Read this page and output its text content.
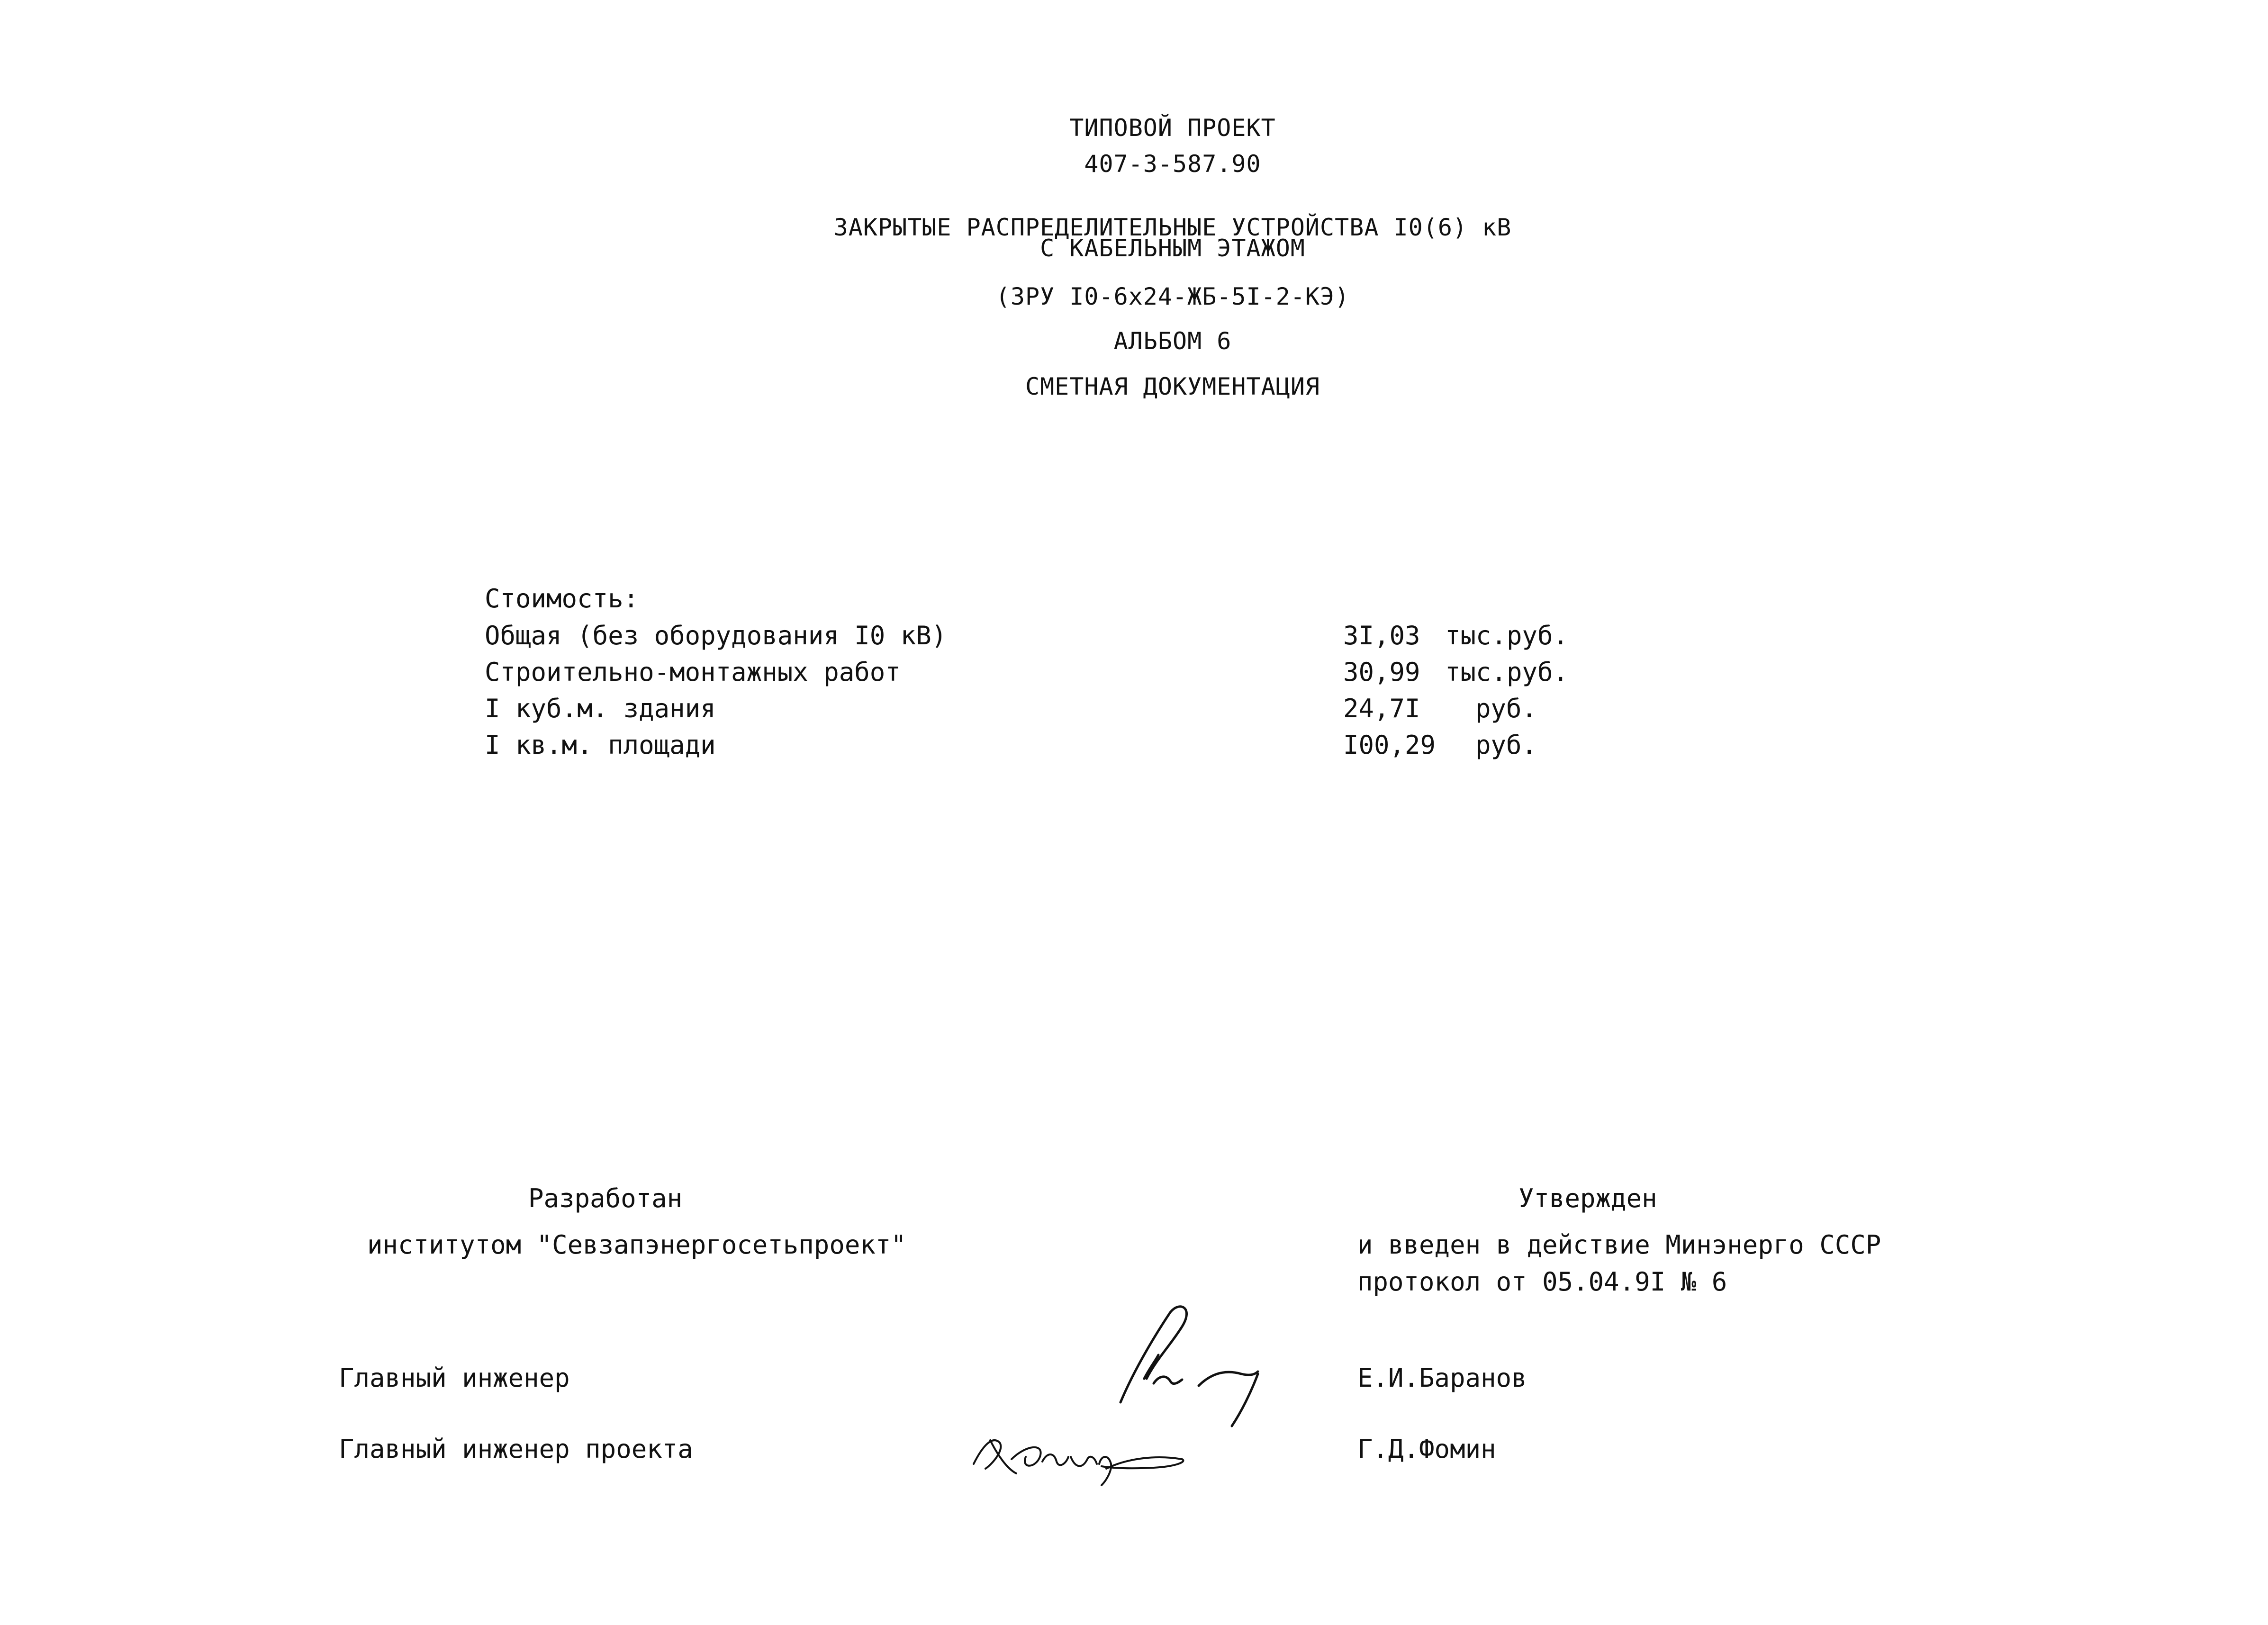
ТИПОВОЙ ПРОЕКТ
407-3-587.90
ЗАКРЫТЫЕ РАСПРЕДЕЛИТЕЛЬНЫЕ УСТРОЙСТВА I0(6) кВ
С КАБЕЛЬНЫМ ЭТАЖОМ
(ЗРУ I0-6х24-ЖБ-5I-2-КЭ)
АЛЬБОМ 6
СМЕТНАЯ ДОКУМЕНТАЦИЯ
Стоимость:
Общая (без оборудования I0 кВ)	3I,03 тыс.руб.
Строительно-монтажных работ	30,99 тыс.руб.
I куб.м. здания	24,7I руб.
I кв.м. площади	I00,29 руб.
Разработан
институтом "Севзапэнергосетьпроект"
Утвержден
и введен в действие Минэнерго СССР
протокол от 05.04.9I № 6
Главный инженер	Е.И.Баранов
Главный инженер проекта	Г.Д.Фомин
